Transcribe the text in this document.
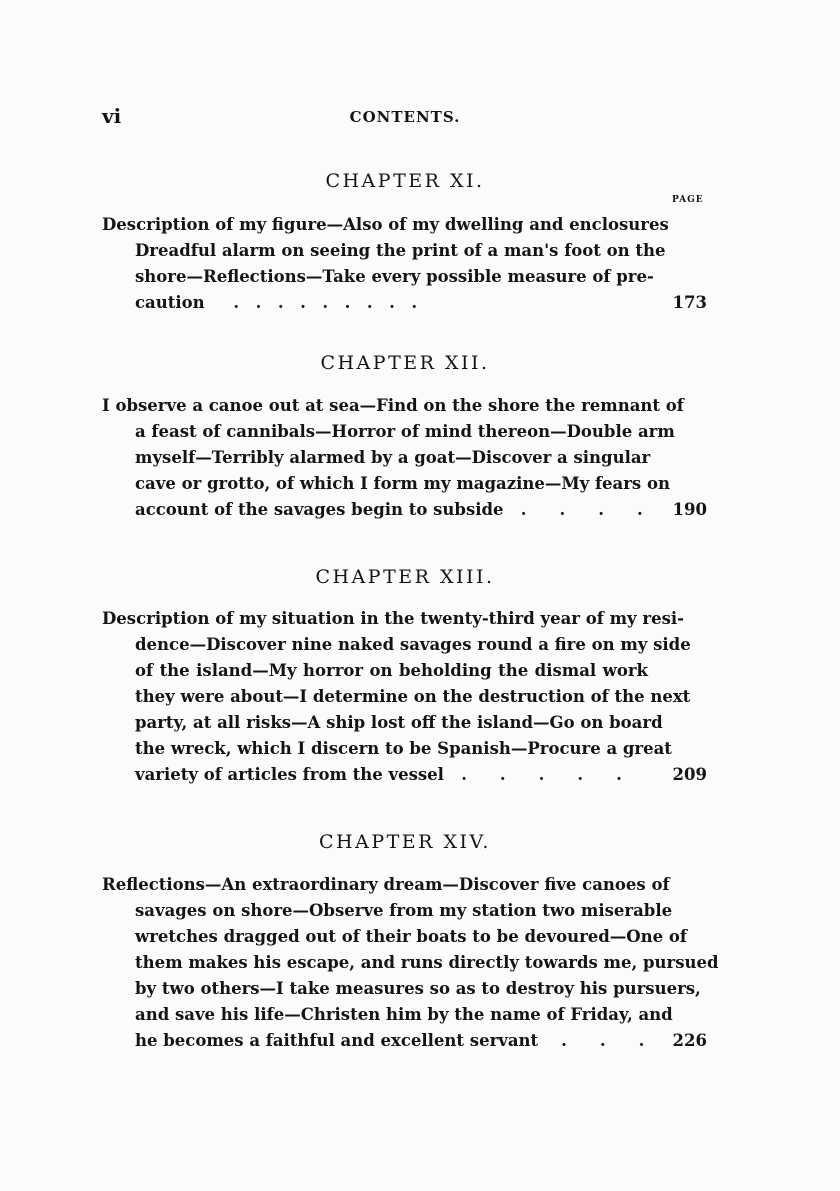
vi	CONTENTS.
CHAPTER XI.
PAGE
Description of my figure—Also of my dwelling and enclosures
Dreadful alarm on seeing the print of a man's foot on the
shore—Reflections—Take every possible measure of pre-
caution . . . . . . . . .	173
CHAPTER XII.
I observe a canoe out at sea—Find on the shore the remnant of
a feast of cannibals—Horror of mind thereon—Double arm
myself—Terribly alarmed by a goat—Discover a singular
cave or grotto, of which I form my magazine—My fears on
account of the savages begin to subside .  .  .  . 190
CHAPTER XIII.
Description of my situation in the twenty-third year of my resi-
dence—Discover nine naked savages round a fire on my side
of the island—My horror on beholding the dismal work
they were about—I determine on the destruction of the next
party, at all risks—A ship lost off the island—Go on board
the wreck, which I discern to be Spanish—Procure a great
variety of articles from the vessel .  .  .  .  .	209
CHAPTER XIV.
Reflections—An extraordinary dream—Discover five canoes of
savages on shore—Observe from my station two miserable
wretches dragged out of their boats to be devoured—One of
them makes his escape, and runs directly towards me, pursued
by two others—I take measures so as to destroy his pursuers,
and save his life—Christen him by the name of Friday, and
he becomes a faithful and excellent servant .  .  . 226
